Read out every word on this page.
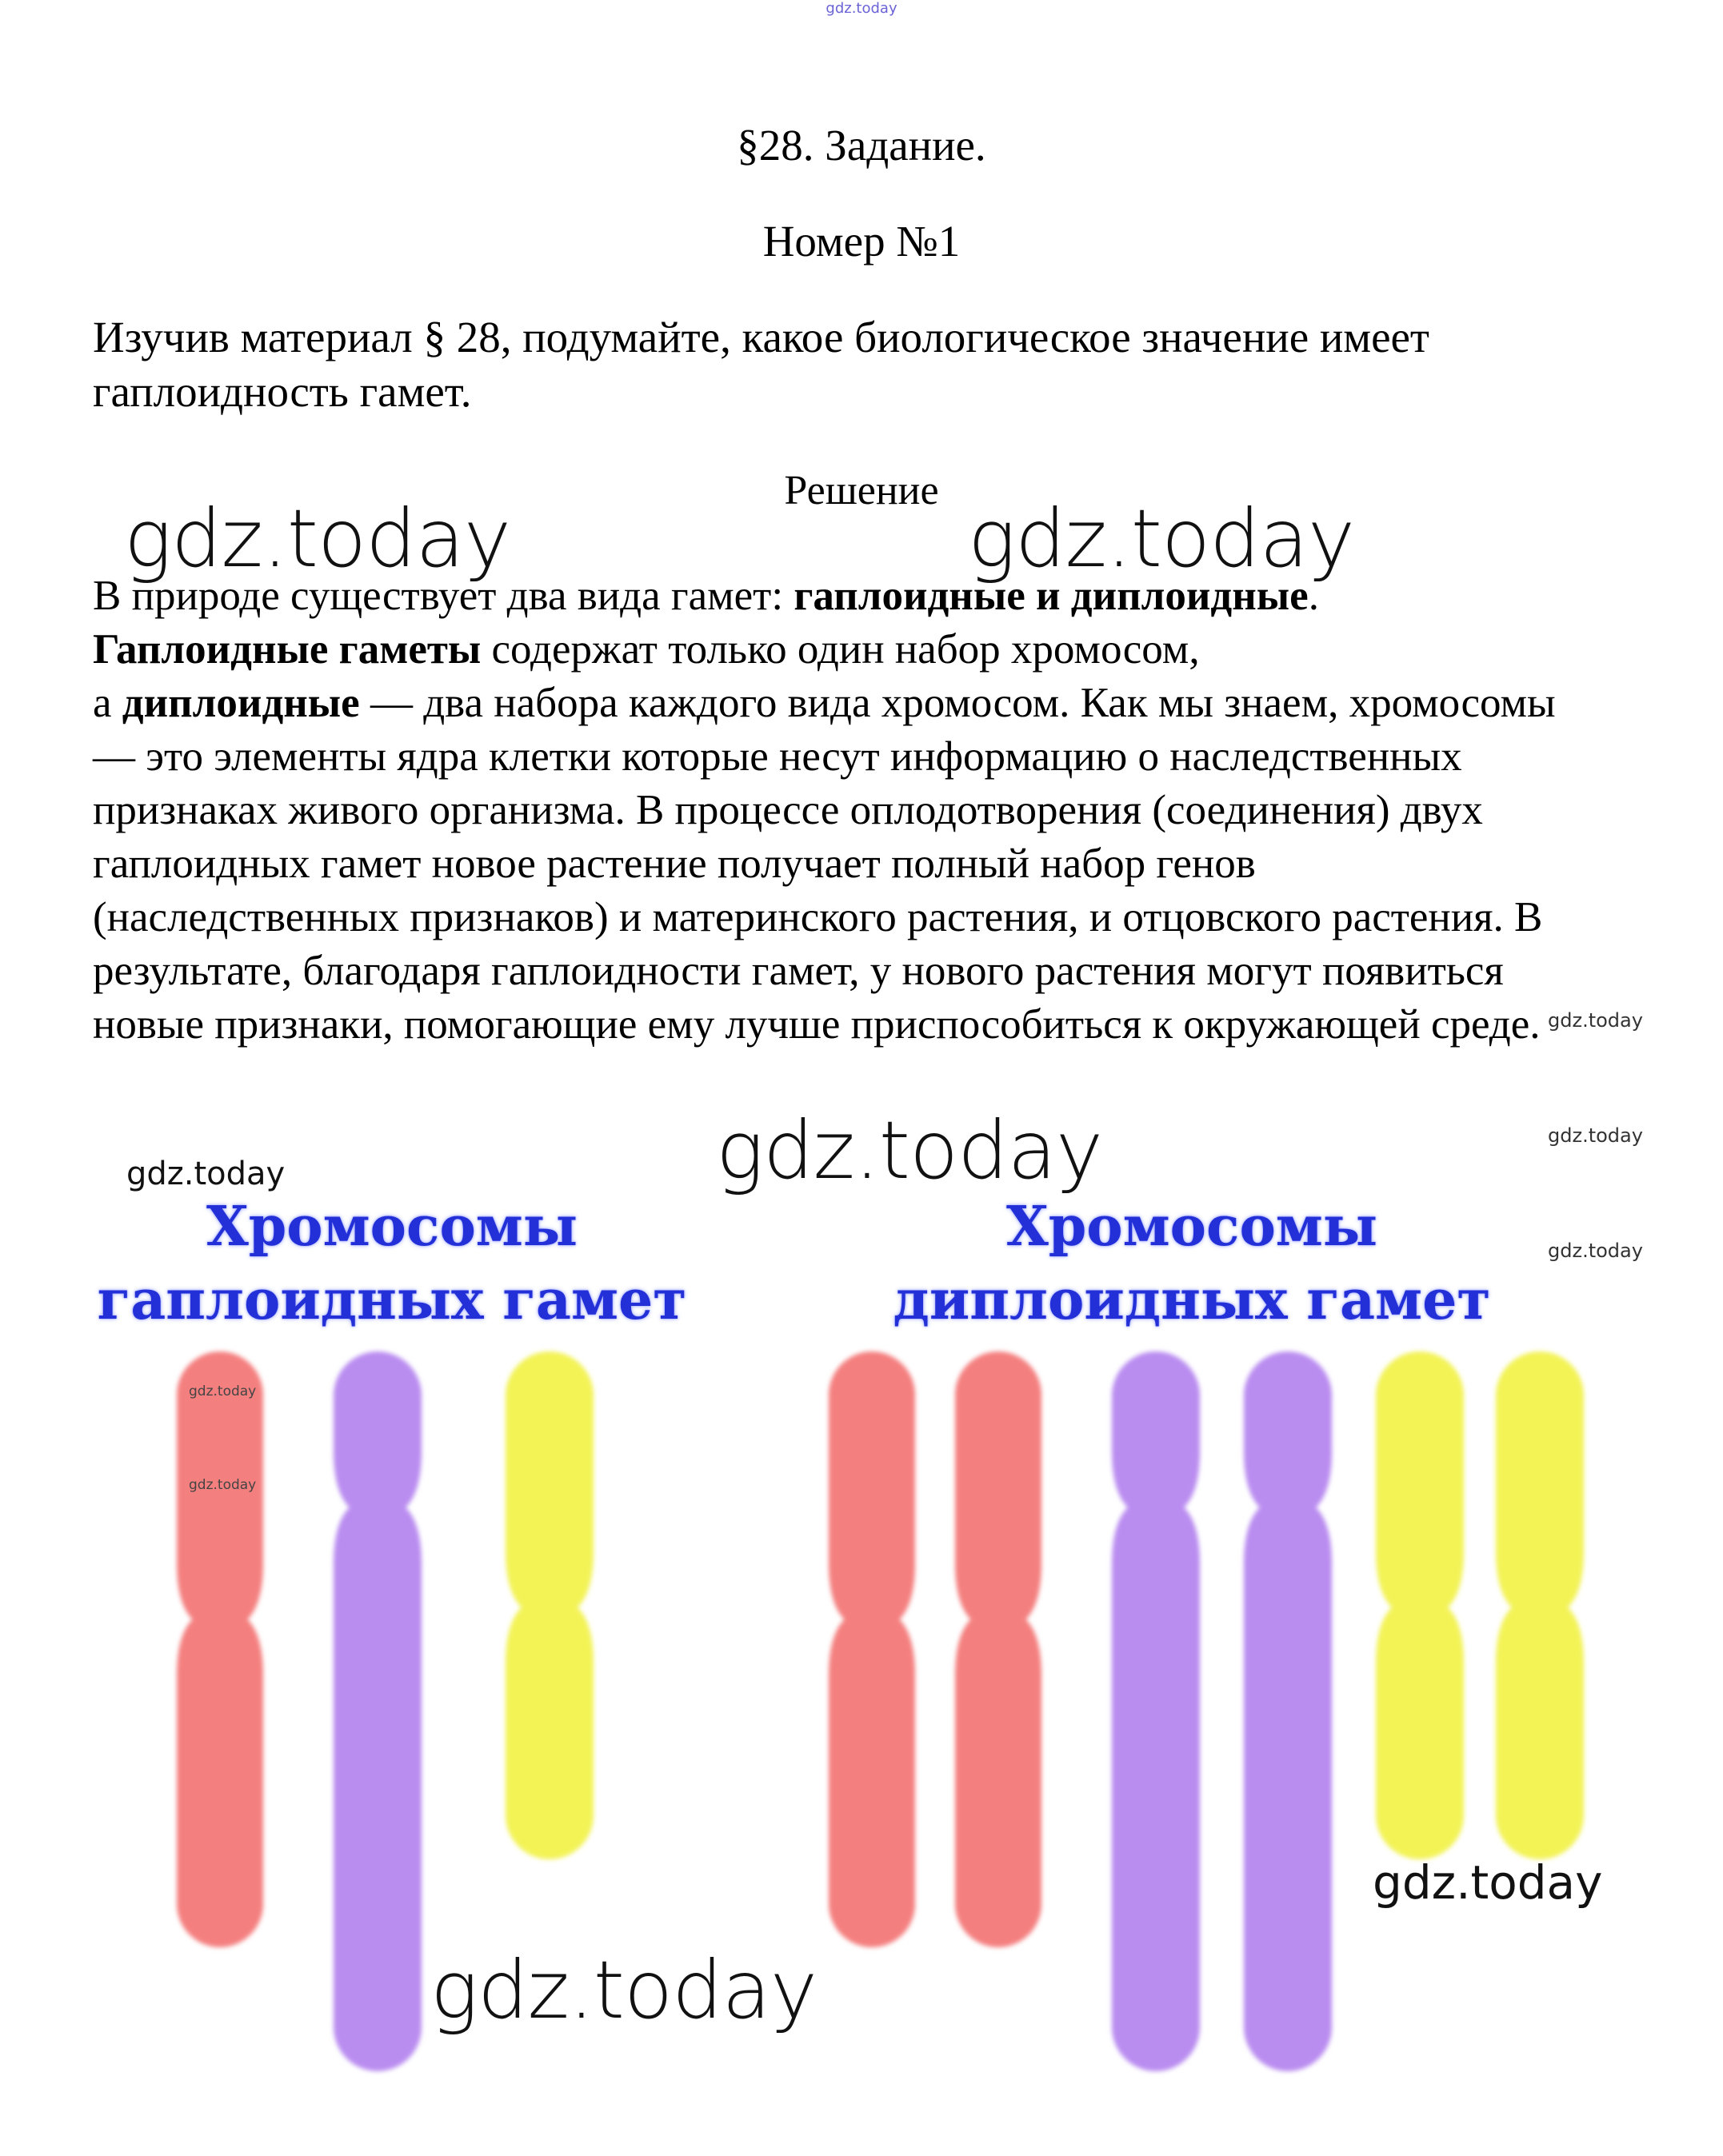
gdz.today
§28. Задание.
Номер №1
Изучив материал § 28, подумайте, какое биологическое значение имеет гаплоидность гамет.
Решение
gdz.today	gdz.today

В природе существует два вида гамет: гаплоидные и диплоидные.

Гаплоидные гаметы содержат только один набор хромосом,

а диплоидные — два набора каждого вида хромосом. Как мы знаем, хромосомы — это элементы ядра клетки которые несут информацию о наследственных признаках живого организма. В процессе оплодотворения (соединения) двух гаплоидных гамет новое растение получает полный набор генов (наследственных признаков) и материнского растения, и отцовского растения. В результате, благодаря гаплоидности гамет, у нового растения могут появиться новые признаки, помогающие ему лучше приспособиться к окружающей среде. gdz.today
gdz.today
gdz.today
gdz.today
gdz.today
Хромосомы
гаплоидных гамет
Хромосомы
диплоидных гамет
gdz.today
gdz.today
gdz.today
gdz.today
